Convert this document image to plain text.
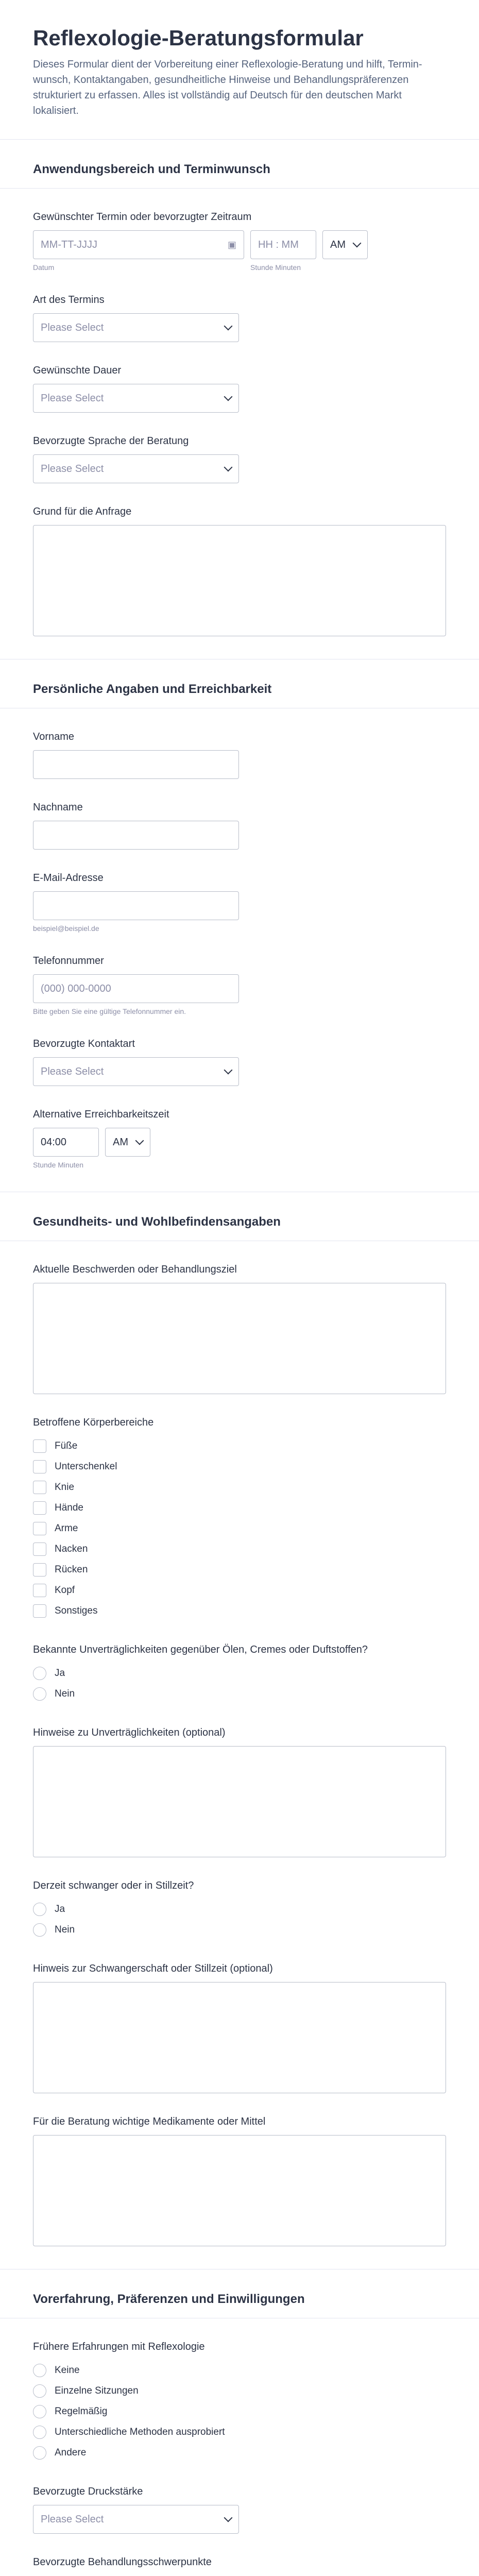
Reflexologie-Beratungsformular

Dieses Formular dient der Vorbereitung einer Reflexologie-Beratung und hilft, Terminwunsch, Kontaktangaben, gesundheitliche Hinweise und Behandlungspräferenzen strukturiert zu erfassen. Alles ist vollständig auf Deutsch für den deutschen Markt lokalisiert.

Anwendungsbereich und Terminwunsch
Gewünschter Termin oder bevorzugter Zeitraum
MM-TT-JJJJ	▣
Datum
HH : MM
Stunde Minuten
AM
Art des Termins
Please Select
Gewünschte Dauer
Please Select
Bevorzugte Sprache der Beratung
Please Select
Grund für die Anfrage
Persönliche Angaben und Erreichbarkeit
Vorname
Nachname
E-Mail-Adresse
beispiel@beispiel.de
Telefonnummer
(000) 000-0000
Bitte geben Sie eine gültige Telefonnummer ein.
Bevorzugte Kontaktart
Please Select
Alternative Erreichbarkeitszeit
04:00
Stunde Minuten
AM
Gesundheits- und Wohlbefindensangaben
Aktuelle Beschwerden oder Behandlungsziel
Betroffene Körperbereiche
Füße
Unterschenkel
Knie
Hände
Arme
Nacken
Rücken
Kopf
Sonstiges
Bekannte Unverträglichkeiten gegenüber Ölen, Cremes oder Duftstoffen?
Ja
Nein
Hinweise zu Unverträglichkeiten (optional)
Derzeit schwanger oder in Stillzeit?
Ja
Nein
Hinweis zur Schwangerschaft oder Stillzeit (optional)
Für die Beratung wichtige Medikamente oder Mittel
Vorerfahrung, Präferenzen und Einwilligungen
Frühere Erfahrungen mit Reflexologie
Keine
Einzelne Sitzungen
Regelmäßig
Unterschiedliche Methoden ausprobiert
Andere
Bevorzugte Druckstärke
Please Select
Bevorzugte Behandlungsschwerpunkte
